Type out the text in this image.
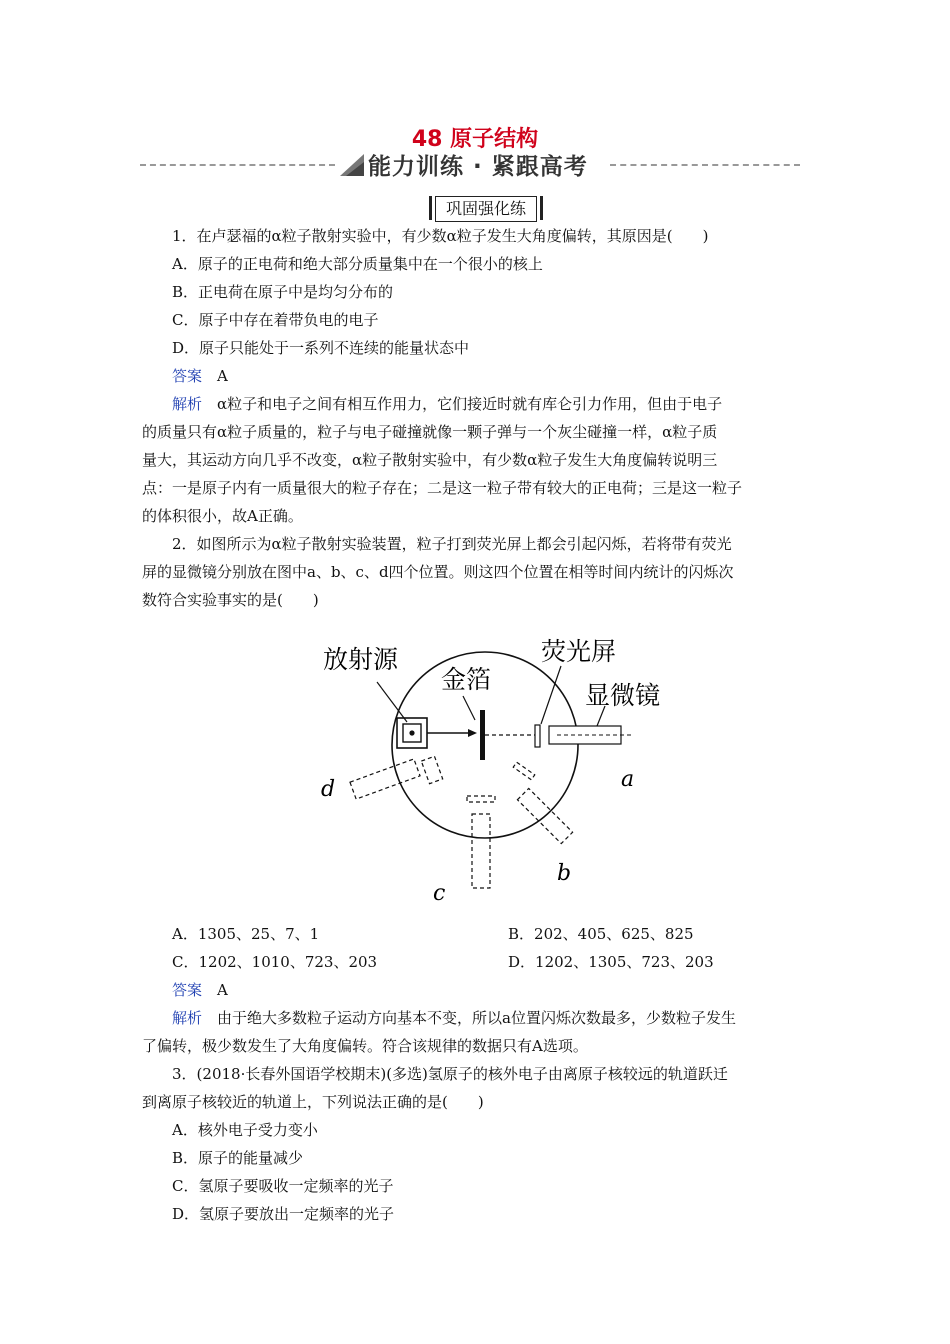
48 原子结构
能力训练 · 紧跟高考
巩固强化练
1．在卢瑟福的α粒子散射实验中，有少数α粒子发生大角度偏转，其原因是(　　)
A．原子的正电荷和绝大部分质量集中在一个很小的核上
B．正电荷在原子中是均匀分布的
C．原子中存在着带负电的电子
D．原子只能处于一系列不连续的能量状态中
答案　 A
解析　 α粒子和电子之间有相互作用力，它们接近时就有库仑引力作用，但由于电子
的质量只有α粒子质量的，粒子与电子碰撞就像一颗子弹与一个灰尘碰撞一样，α粒子质
量大，其运动方向几乎不改变，α粒子散射实验中，有少数α粒子发生大角度偏转说明三
点：一是原子内有一质量很大的粒子存在；二是这一粒子带有较大的正电荷；三是这一粒子
的体积很小，故A正确。
2．如图所示为α粒子散射实验装置，粒子打到荧光屏上都会引起闪烁，若将带有荧光
屏的显微镜分别放在图中a、b、c、d四个位置。则这四个位置在相等时间内统计的闪烁次
数符合实验事实的是(　　)
放射源
金箔
荧光屏
显微镜
a
b
c
d
A．1305、25、7、1	B．202、405、625、825
C．1202、1010、723、203	D．1202、1305、723、203
答案　 A
解析　 由于绝大多数粒子运动方向基本不变，所以a位置闪烁次数最多，少数粒子发生
了偏转，极少数发生了大角度偏转。符合该规律的数据只有A选项。
3．(2018·长春外国语学校期末)(多选)氢原子的核外电子由离原子核较远的轨道跃迁
到离原子核较近的轨道上，下列说法正确的是(　　)
A．核外电子受力变小
B．原子的能量减少
C．氢原子要吸收一定频率的光子
D．氢原子要放出一定频率的光子
